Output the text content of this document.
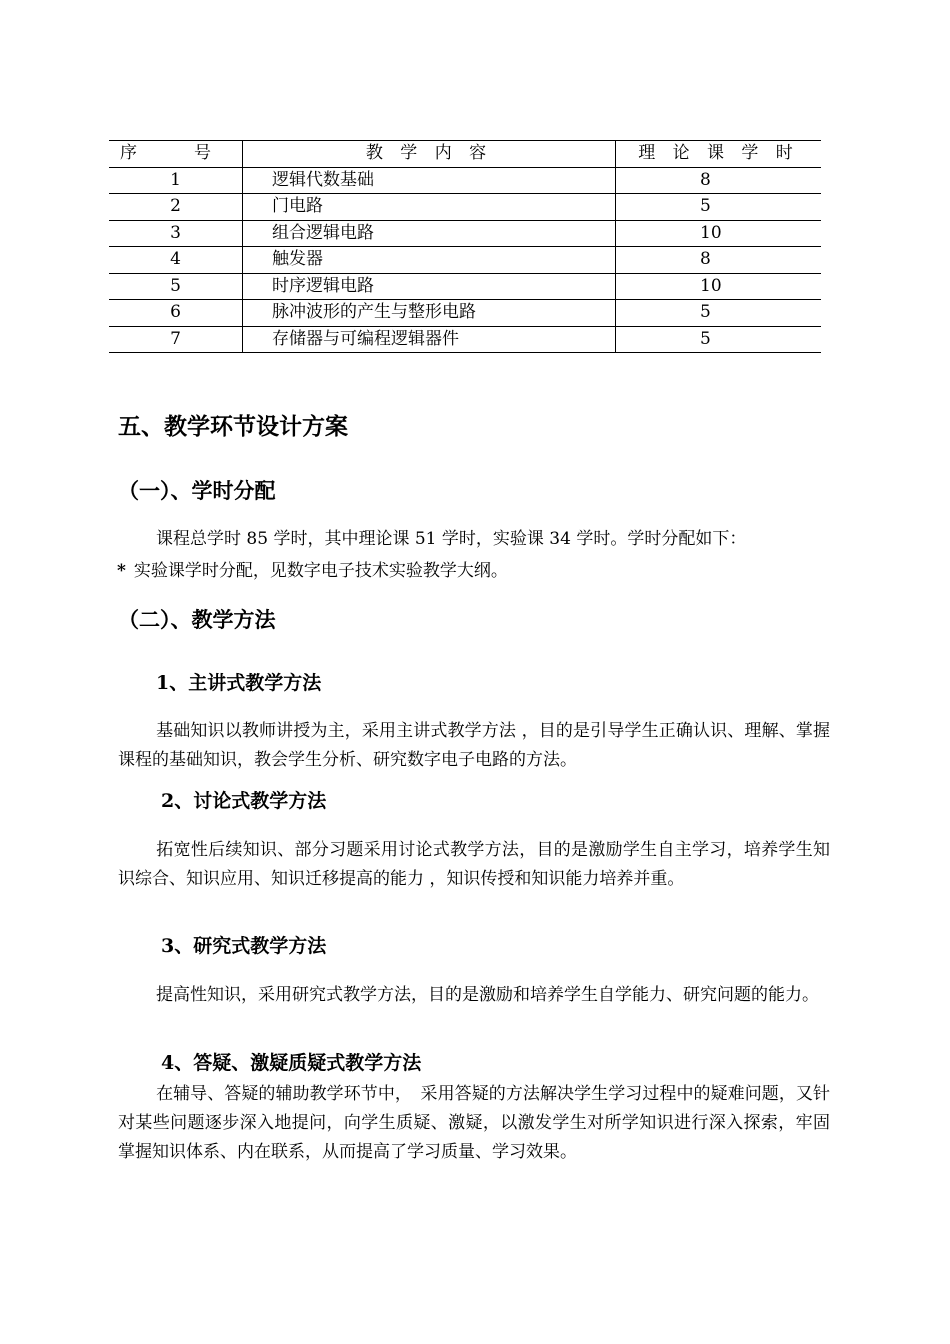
序　号	教 学 内 容	理 论 课 学 时
1	逻辑代数基础	8
2	门电路	5
3	组合逻辑电路	10
4	触发器	8
5	时序逻辑电路	10
6	脉冲波形的产生与整形电路	5
7	存储器与可编程逻辑器件	5
五、教学环节设计方案
（一）、学时分配

课程总学时 85 学时，其中理论课 51 学时，实验课 34 学时。学时分配如下：

* 实验课学时分配，见数字电子技术实验教学大纲。
（二）、教学方法
1、主讲式教学方法

基础知识以教师讲授为主，采用主讲式教学方法 ，目的是引导学生正确认识、理解、掌握课程的基础知识，教会学生分析、研究数字电子电路的方法。

2、讨论式教学方法

拓宽性后续知识、部分习题采用讨论式教学方法，目的是激励学生自主学习，培养学生知识综合、知识应用、知识迁移提高的能力 ，知识传授和知识能力培养并重。

3、研究式教学方法

提高性知识，采用研究式教学方法，目的是激励和培养学生自学能力、研究问题的能力。

4、答疑、激疑质疑式教学方法

在辅导、答疑的辅助教学环节中，　采用答疑的方法解决学生学习过程中的疑难问题，又针对某些问题逐步深入地提问，向学生质疑、激疑，以激发学生对所学知识进行深入探索，牢固掌握知识体系、内在联系，从而提高了学习质量、学习效果。
